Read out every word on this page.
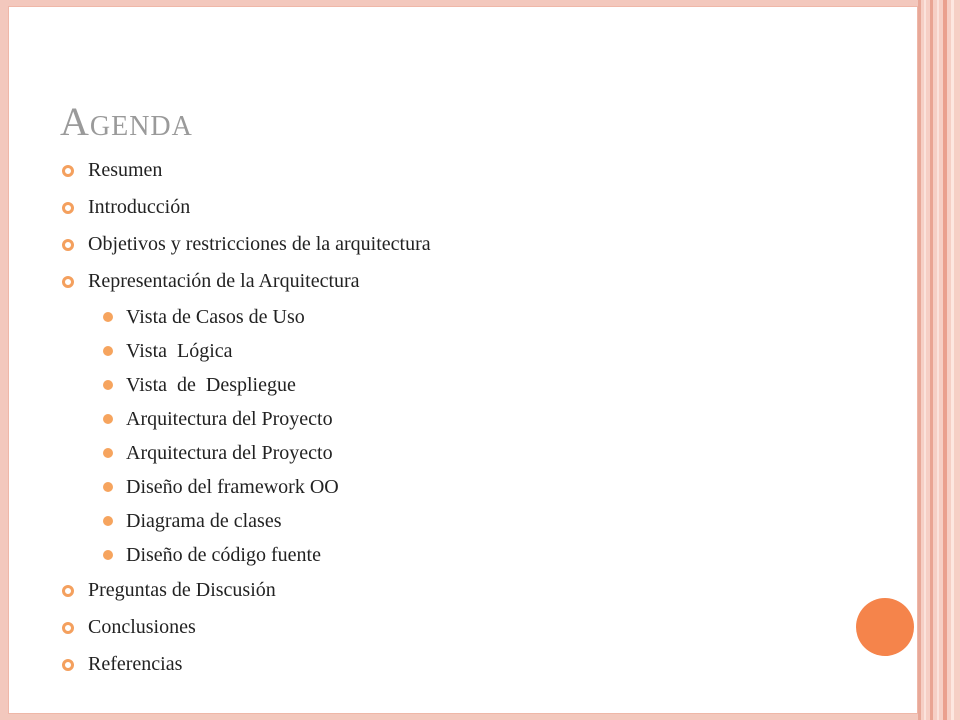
Agenda
Resumen
Introducción
Objetivos y restricciones de la arquitectura
Representación de la Arquitectura
Vista de Casos de Uso
Vista  Lógica
Vista  de  Despliegue
Arquitectura del Proyecto
Arquitectura del Proyecto
Diseño del framework OO
Diagrama de clases
Diseño de código fuente
Preguntas de Discusión
Conclusiones
Referencias
